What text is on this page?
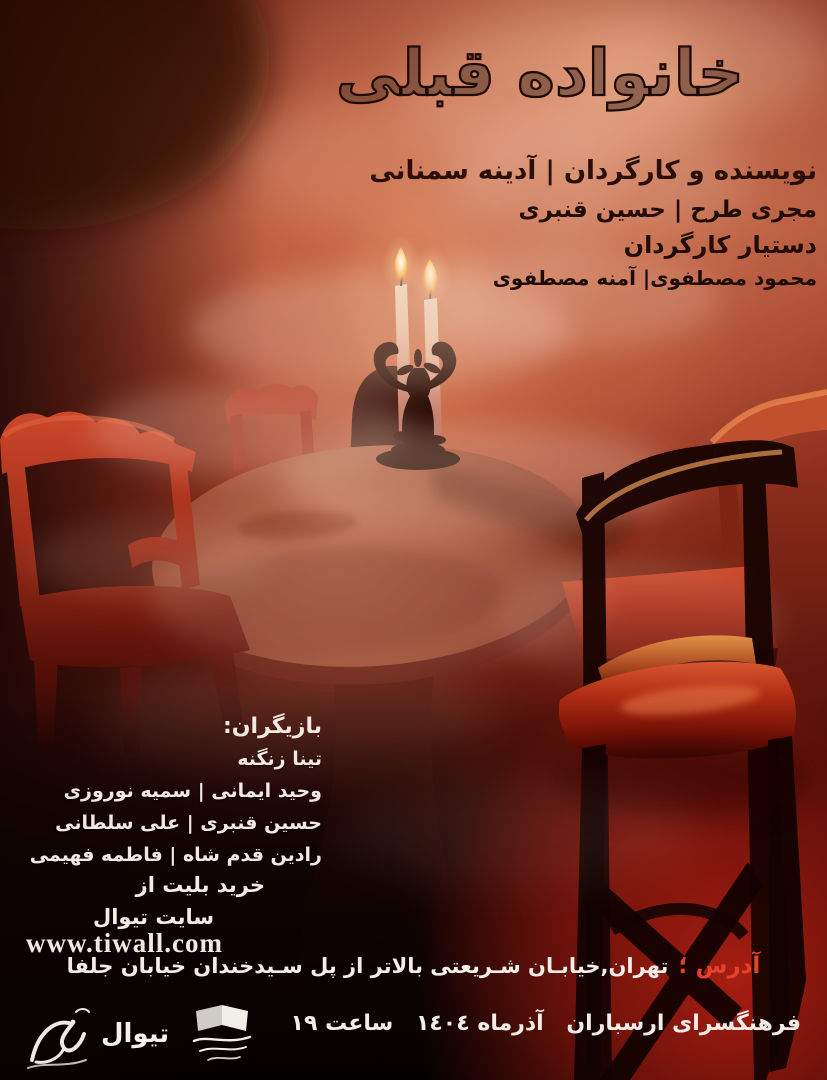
خانواده قبلی
نویسنده و کارگردان | آدینه سمنانی
مجری طرح | حسین قنبری
دستیار کارگردان
محمود مصطفوی| آمنه مصطفوی
بازیگران:
تینا زنگنه
وحید ایمانی | سمیه نوروزی
حسین قنبری | علی سلطانی
رادین قدم شاه | فاطمه فهیمی
خرید بلیت از
سایت تیوال
www.tiwall.com
آدرس ؛تهران,خیابـان شـریعتی بالاتر از پل سـیدخندان خیابان جلفا
فرهنگسرای ارسباران آذرماه ١٤٠٤ ساعت ١٩
تیوال
